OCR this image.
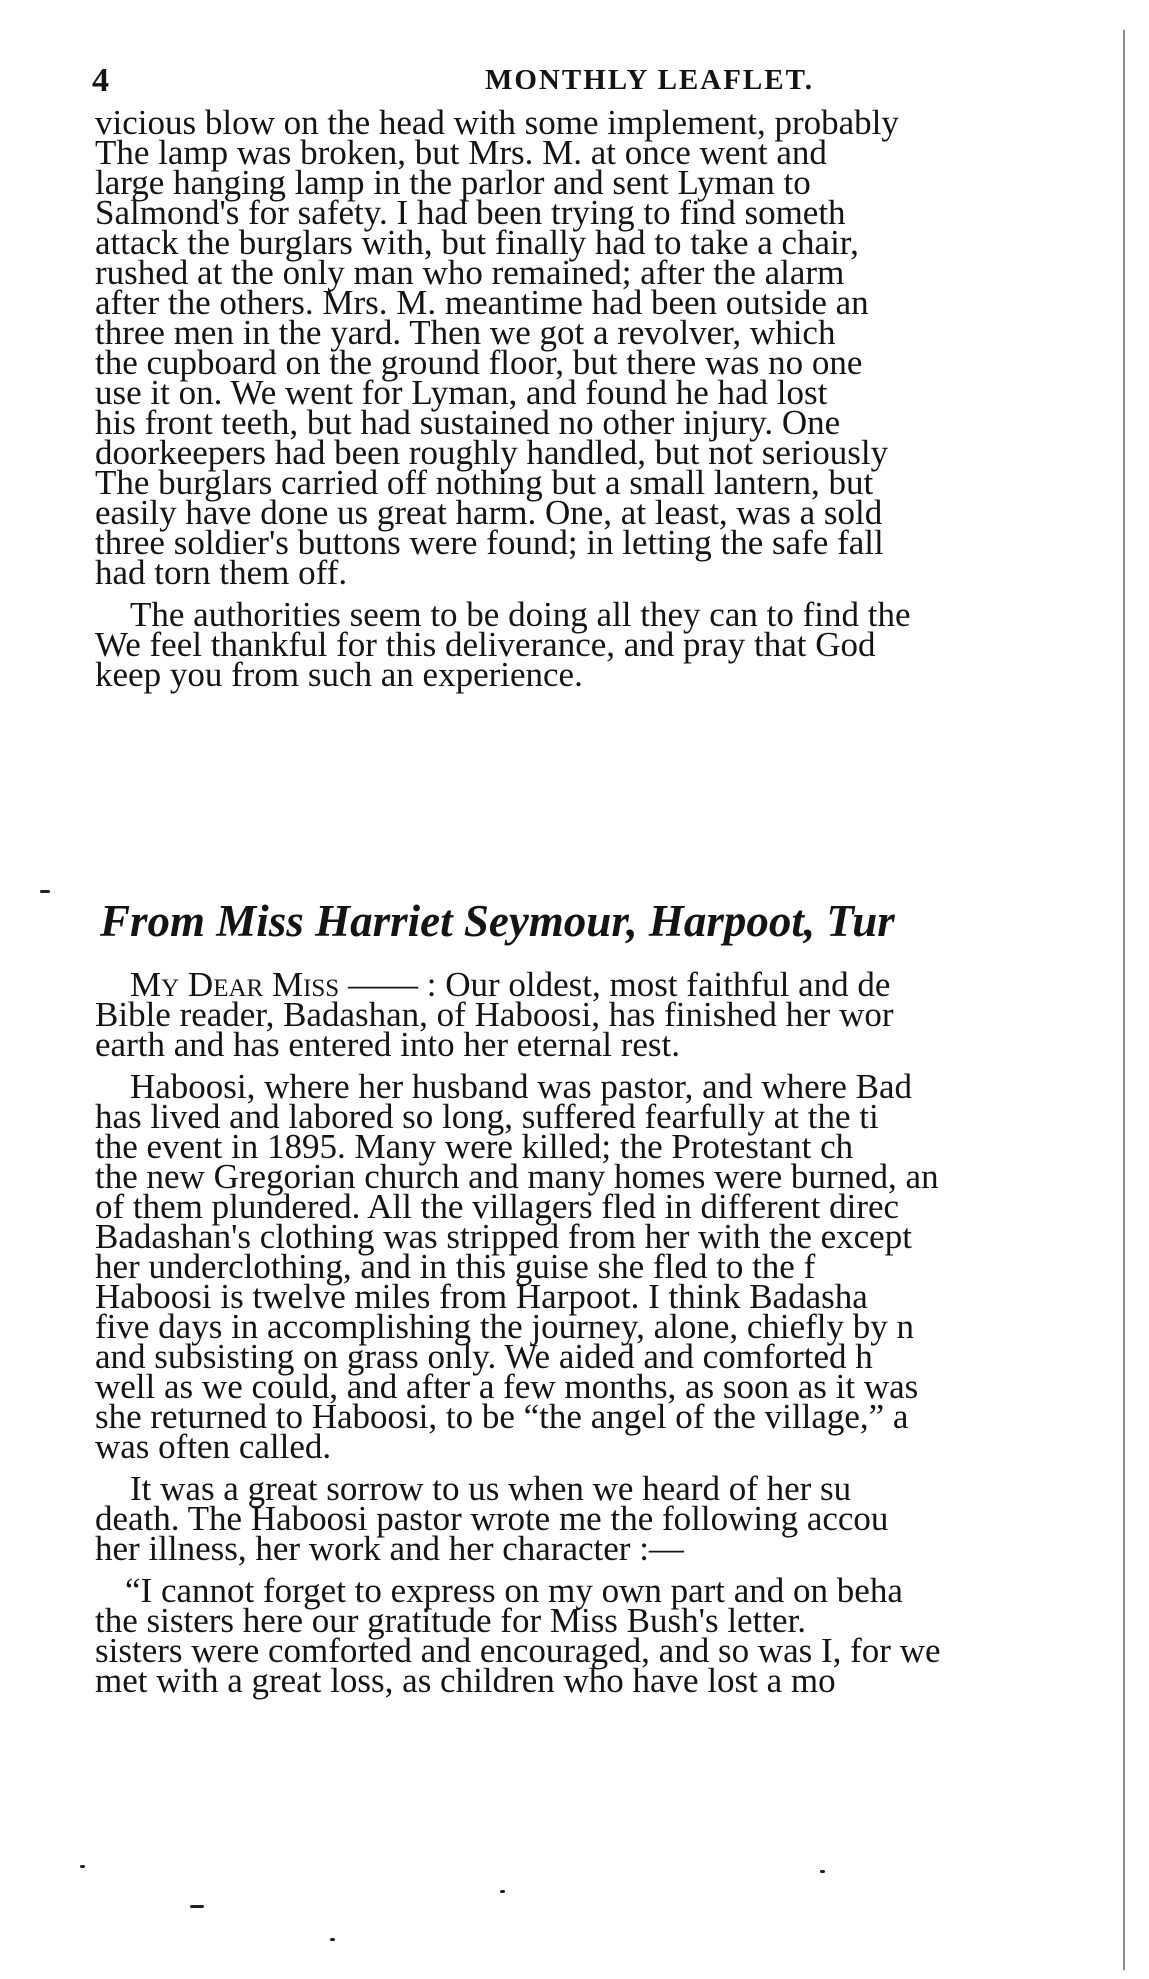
4	MONTHLY LEAFLET.
vicious blow on the head with some implement, probably
The lamp was broken, but Mrs. M. at once went and
large hanging lamp in the parlor and sent Lyman to
Salmond's for safety. I had been trying to find someth
attack the burglars with, but finally had to take a chair,
rushed at the only man who remained; after the alarm
after the others. Mrs. M. meantime had been outside an
three men in the yard. Then we got a revolver, which
the cupboard on the ground floor, but there was no one
use it on. We went for Lyman, and found he had lost
his front teeth, but had sustained no other injury. One
doorkeepers had been roughly handled, but not seriously
The burglars carried off nothing but a small lantern, but
easily have done us great harm. One, at least, was a sold
three soldier's buttons were found; in letting the safe fall
had torn them off.
The authorities seem to be doing all they can to find the
We feel thankful for this deliverance, and pray that God
keep you from such an experience.
From Miss Harriet Seymour, Harpoot, Tur
My Dear Miss —— : Our oldest, most faithful and de
Bible reader, Badashan, of Haboosi, has finished her wor
earth and has entered into her eternal rest.
Haboosi, where her husband was pastor, and where Bad
has lived and labored so long, suffered fearfully at the ti
the event in 1895. Many were killed; the Protestant ch
the new Gregorian church and many homes were burned, an
of them plundered. All the villagers fled in different direc
Badashan's clothing was stripped from her with the except
her underclothing, and in this guise she fled to the f
Haboosi is twelve miles from Harpoot. I think Badasha
five days in accomplishing the journey, alone, chiefly by n
and subsisting on grass only. We aided and comforted h
well as we could, and after a few months, as soon as it was
she returned to Haboosi, to be “the angel of the village,” a
was often called.
It was a great sorrow to us when we heard of her su
death. The Haboosi pastor wrote me the following accou
her illness, her work and her character :—
“I cannot forget to express on my own part and on beha
the sisters here our gratitude for Miss Bush's letter.
sisters were comforted and encouraged, and so was I, for we
met with a great loss, as children who have lost a mo
